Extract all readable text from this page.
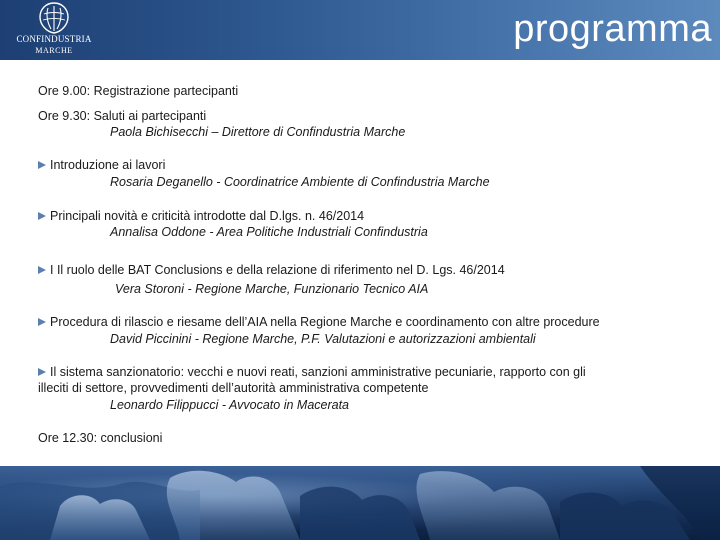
CONFINDUSTRIA
MARCHE
programma
Ore 9.00: Registrazione partecipanti
Ore 9.30: Saluti ai partecipanti
Paola Bichisecchi – Direttore di Confindustria Marche
Introduzione ai lavori
Rosaria Deganello - Coordinatrice Ambiente di Confindustria Marche
Principali novità e criticità introdotte dal D.lgs. n. 46/2014
Annalisa Oddone - Area Politiche Industriali Confindustria
I Il ruolo delle BAT Conclusions e della relazione di riferimento nel D. Lgs. 46/2014
Vera Storoni - Regione Marche, Funzionario Tecnico AIA
Procedura di rilascio e riesame dell’AIA nella Regione Marche e coordinamento con altre procedure
David Piccinini - Regione Marche, P.F. Valutazioni e autorizzazioni ambientali
Il sistema sanzionatorio: vecchi e nuovi reati, sanzioni amministrative pecuniarie, rapporto con gli
illeciti di settore, provvedimenti dell’autorità amministrativa competente
Leonardo Filippucci - Avvocato in Macerata
Ore 12.30: conclusioni
